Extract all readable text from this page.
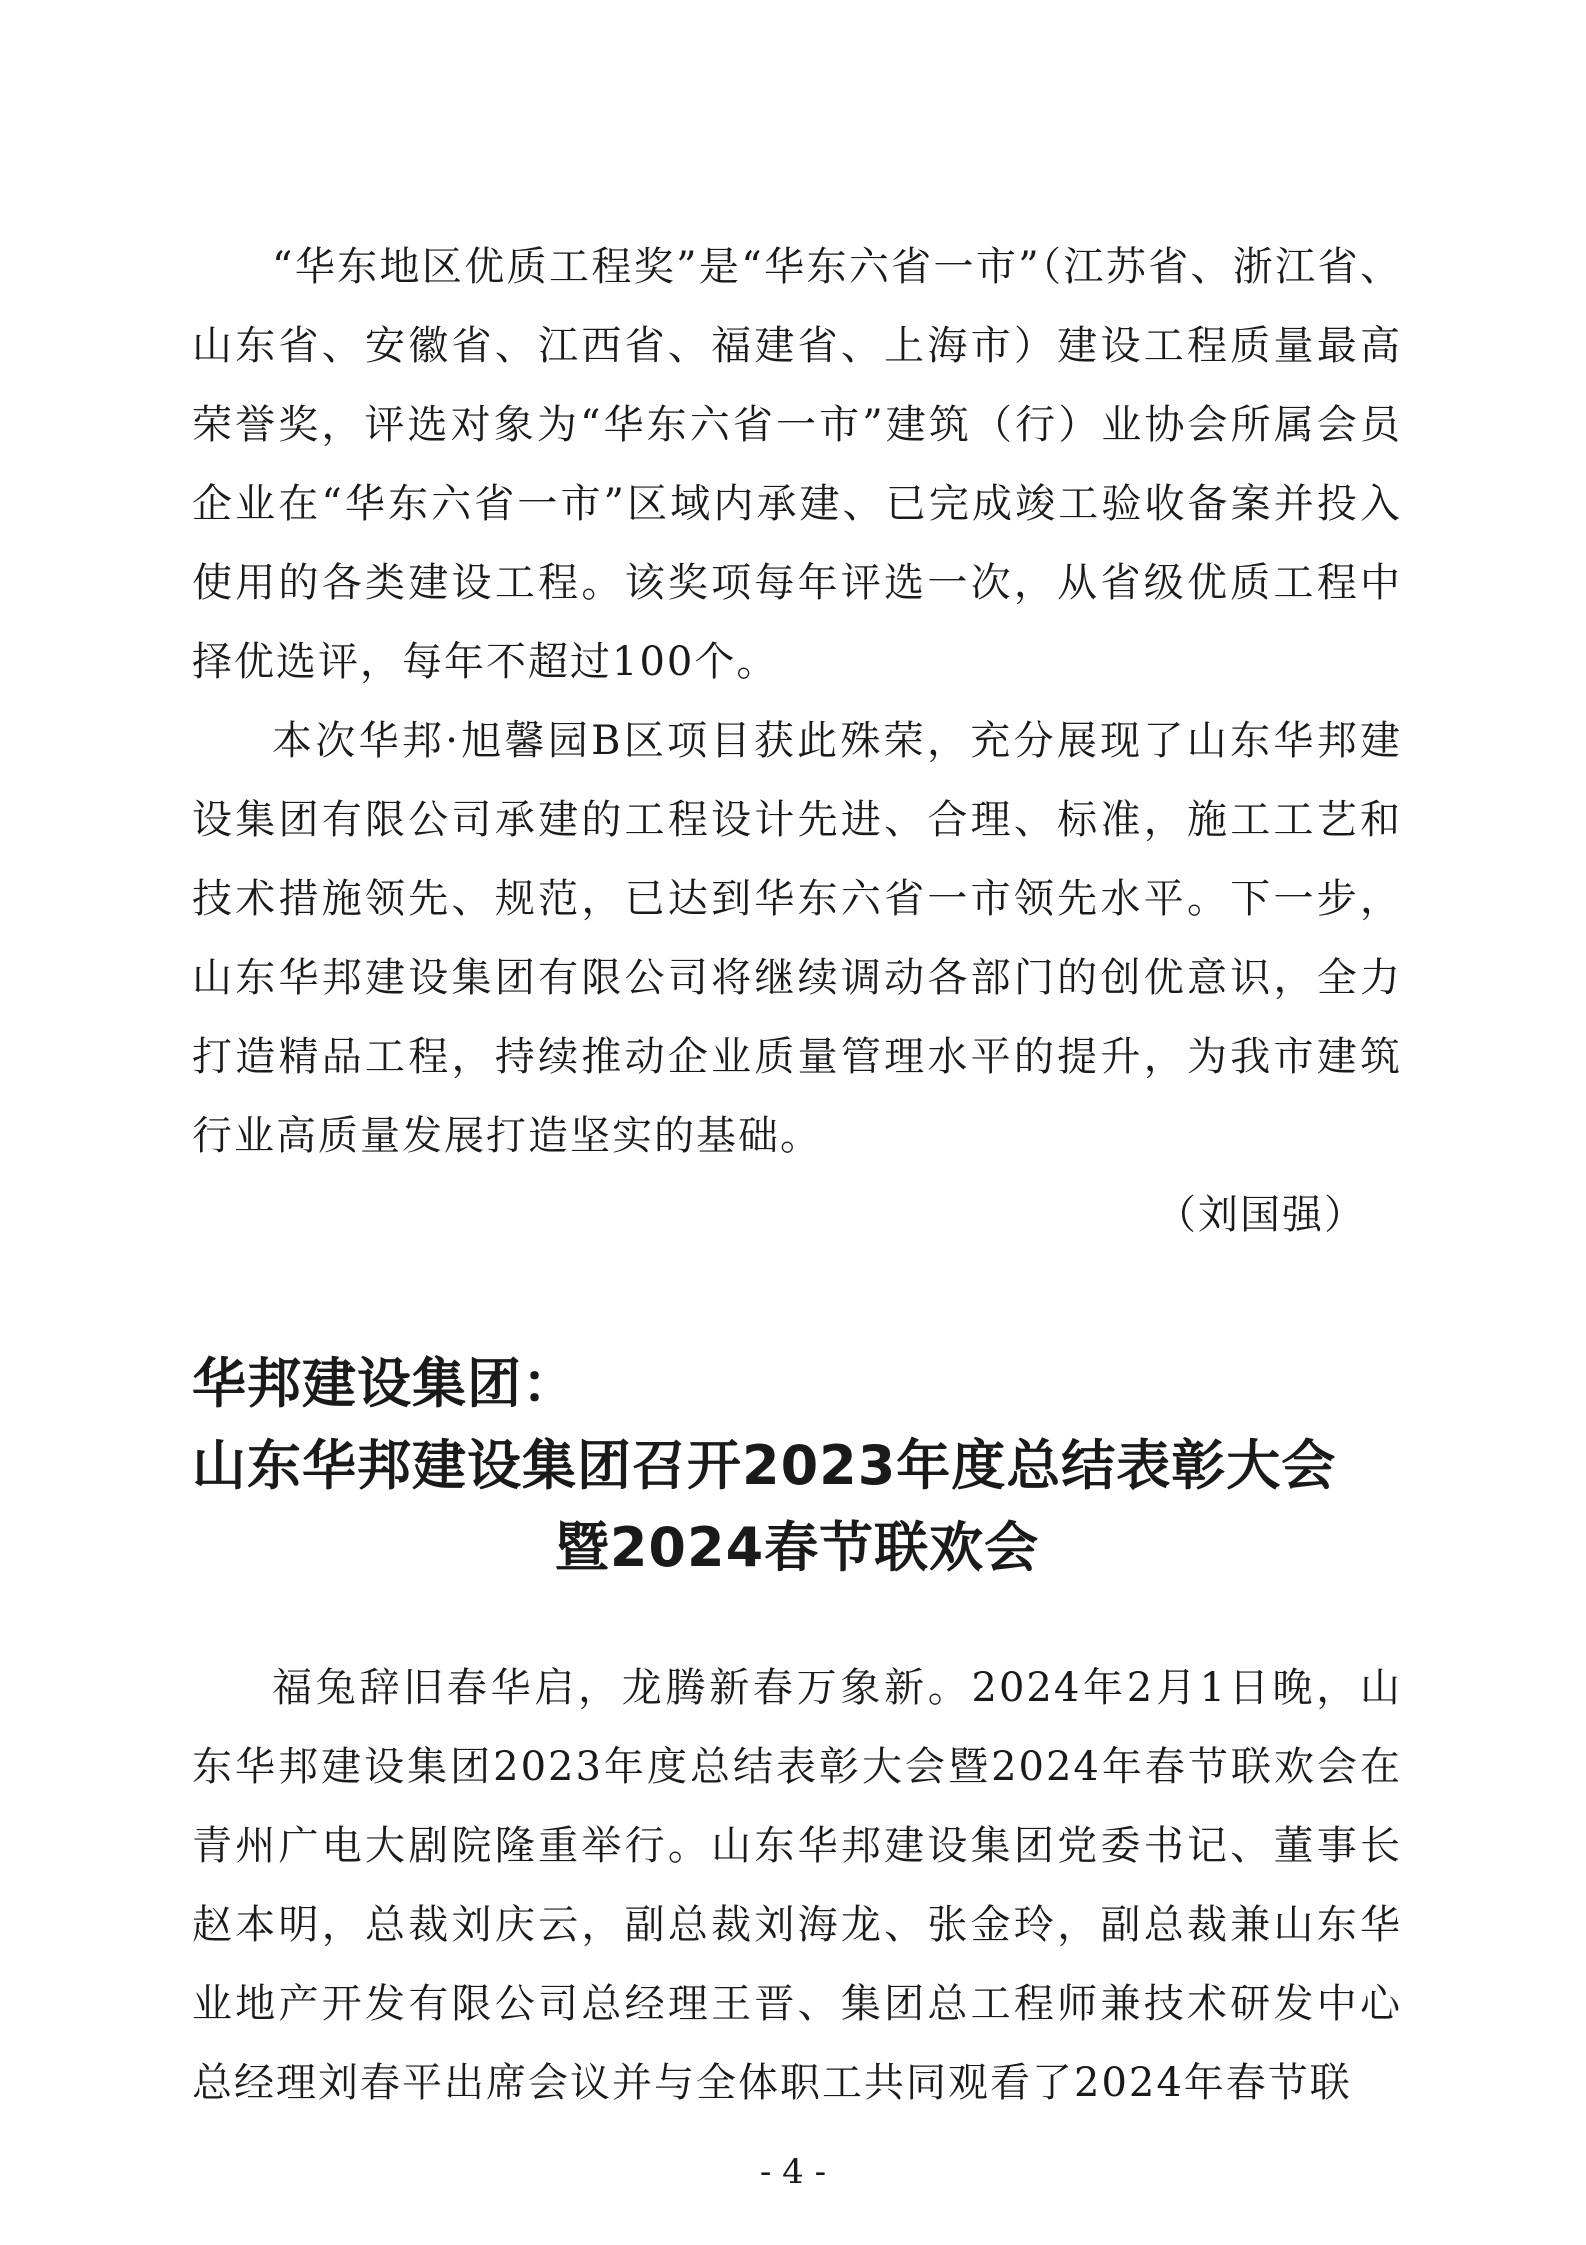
“华东地区优质工程奖”是“华东六省一市”（江苏省、浙江省、山东省、安徽省、江西省、福建省、上海市）建设工程质量最高荣誉奖，评选对象为“华东六省一市”建筑（行）业协会所属会员企业在“华东六省一市”区域内承建、已完成竣工验收备案并投入使用的各类建设工程。该奖项每年评选一次，从省级优质工程中择优选评，每年不超过100个。

本次华邦·旭馨园B区项目获此殊荣，充分展现了山东华邦建设集团有限公司承建的工程设计先进、合理、标准，施工工艺和技术措施领先、规范，已达到华东六省一市领先水平。下一步，山东华邦建设集团有限公司将继续调动各部门的创优意识，全力打造精品工程，持续推动企业质量管理水平的提升，为我市建筑行业高质量发展打造坚实的基础。

（刘国强）

华邦建设集团：
山东华邦建设集团召开2023年度总结表彰大会
暨2024春节联欢会

福兔辞旧春华启，龙腾新春万象新。2024年2月1日晚，山东华邦建设集团2023年度总结表彰大会暨2024年春节联欢会在青州广电大剧院隆重举行。山东华邦建设集团党委书记、董事长赵本明，总裁刘庆云，副总裁刘海龙、张金玲，副总裁兼山东华业地产开发有限公司总经理王晋、集团总工程师兼技术研发中心总经理刘春平出席会议并与全体职工共同观看了2024年春节联

- 4 -
